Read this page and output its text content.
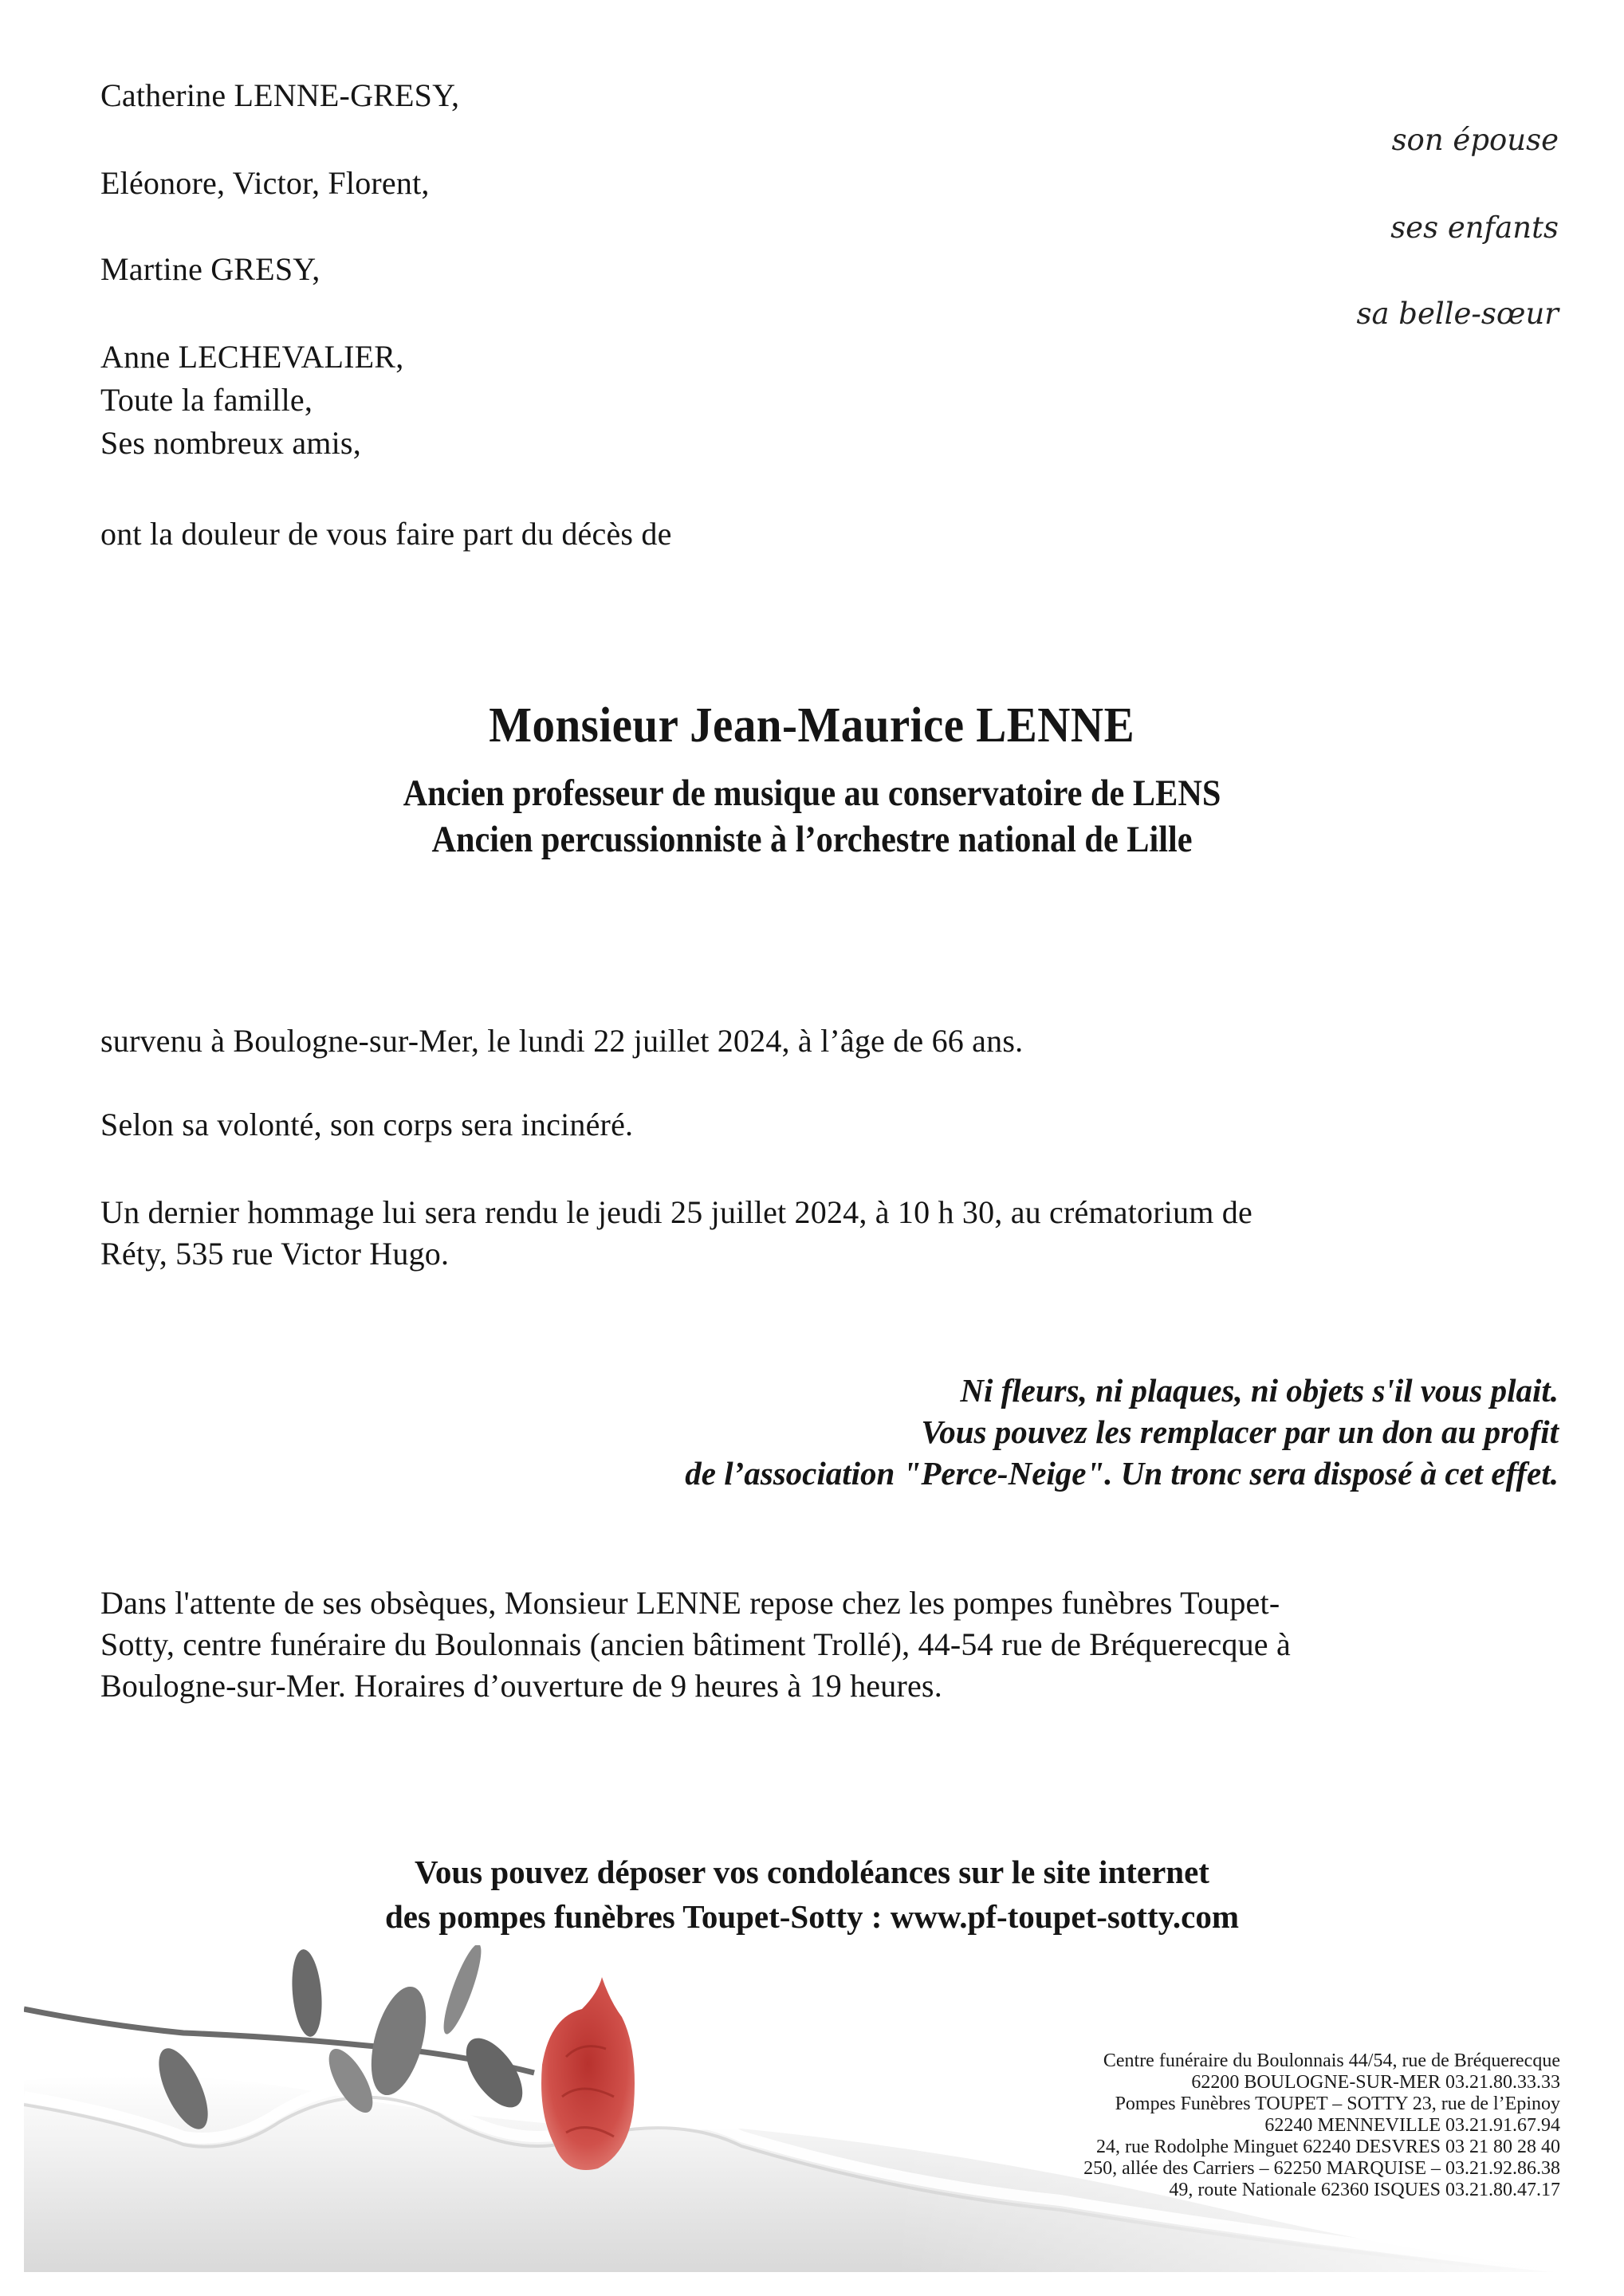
Catherine LENNE-GRESY,
Eléonore, Victor, Florent,
Martine GRESY,
Anne LECHEVALIER,
Toute la famille,
Ses nombreux amis,
son épouse
ses enfants
sa belle-sœur
ont la douleur de vous faire part du décès de
Monsieur Jean-Maurice LENNE
Ancien professeur de musique au conservatoire de LENS
Ancien percussionniste à l’orchestre national de Lille
survenu à Boulogne-sur-Mer, le lundi 22 juillet 2024, à l’âge de 66 ans.
Selon sa volonté, son corps sera incinéré.
Un dernier hommage lui sera rendu le jeudi 25 juillet 2024, à 10 h 30, au crématorium de
Réty, 535 rue Victor Hugo.
Ni fleurs, ni plaques, ni objets s'il vous plait.
Vous pouvez les remplacer par un don au profit
de l’association "Perce-Neige". Un tronc sera disposé à cet effet.
Dans l'attente de ses obsèques, Monsieur LENNE repose chez les pompes funèbres Toupet-
Sotty, centre funéraire du Boulonnais (ancien bâtiment Trollé), 44-54 rue de Bréquerecque à
Boulogne-sur-Mer. Horaires d’ouverture de 9 heures à 19 heures.
Vous pouvez déposer vos condoléances sur le site internet
des pompes funèbres Toupet-Sotty : www.pf-toupet-sotty.com
Centre funéraire du Boulonnais 44/54, rue de Bréquerecque
62200 BOULOGNE-SUR-MER 03.21.80.33.33
Pompes Funèbres TOUPET – SOTTY 23, rue de l’Epinoy
62240 MENNEVILLE 03.21.91.67.94
24, rue Rodolphe Minguet 62240 DESVRES 03 21 80 28 40
250, allée des Carriers – 62250 MARQUISE – 03.21.92.86.38
49, route Nationale 62360 ISQUES 03.21.80.47.17
